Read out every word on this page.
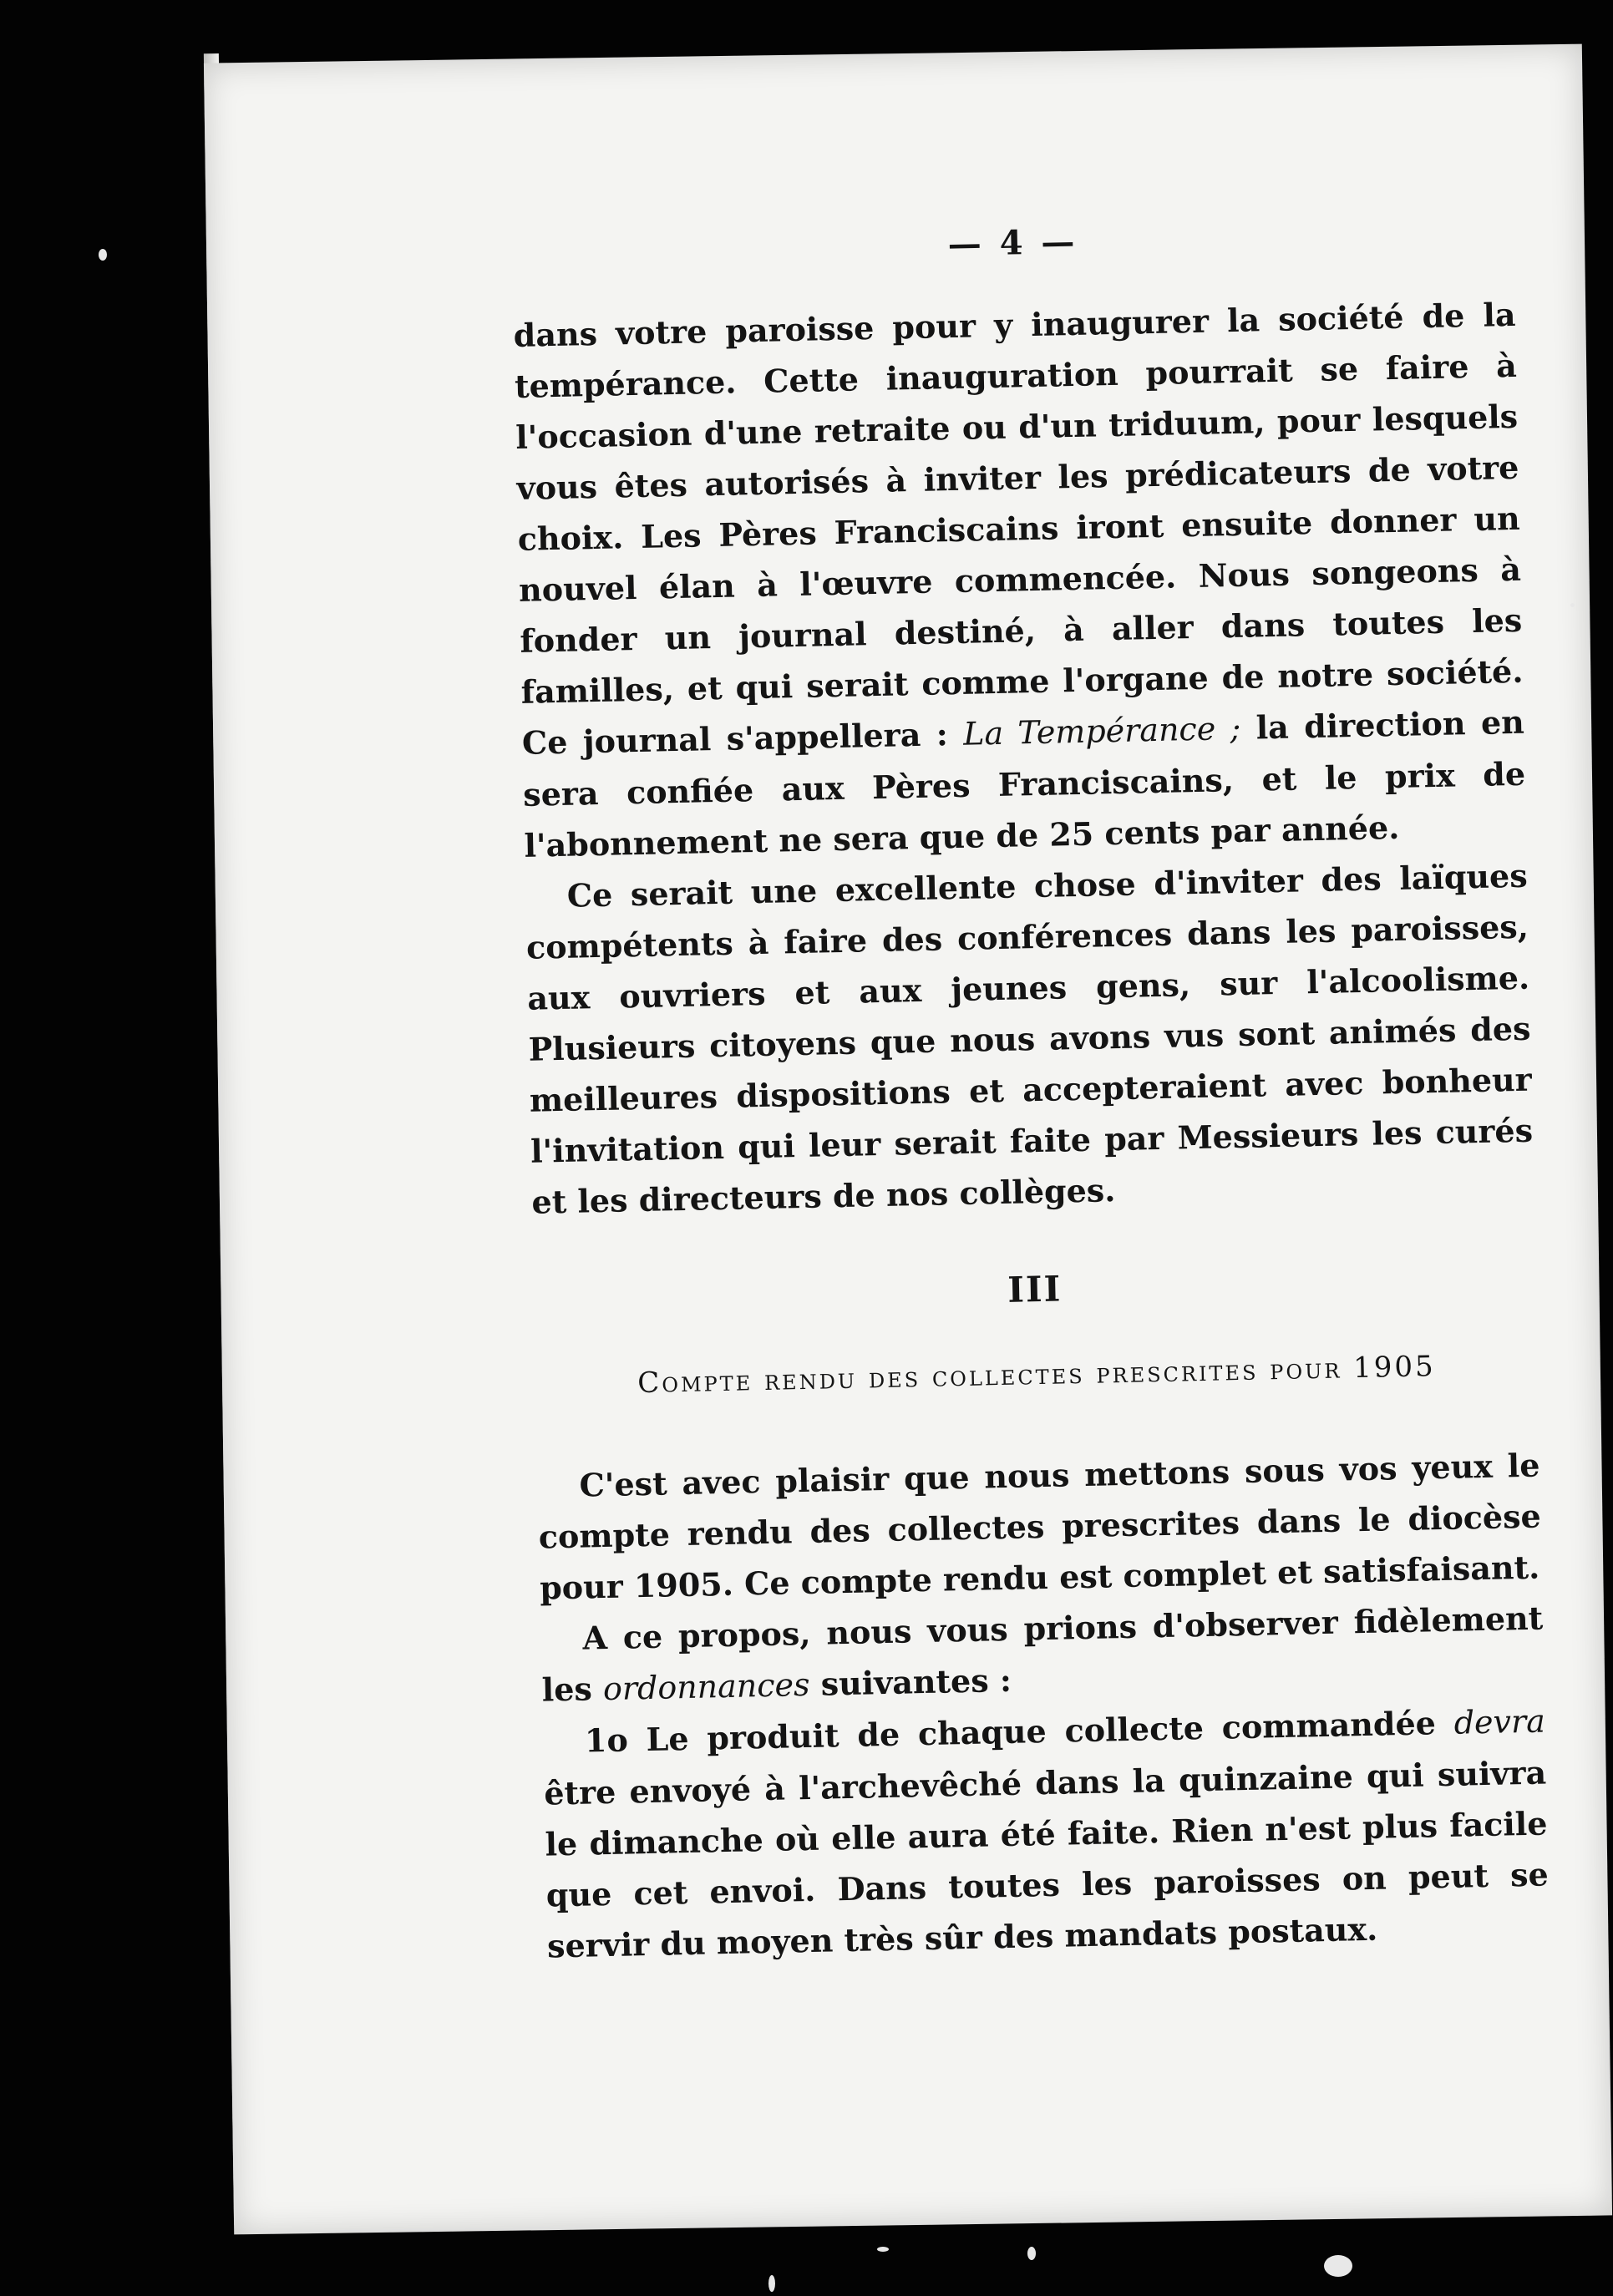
— 4 —

dans votre paroisse pour y inaugurer la société de la tempérance. Cette inauguration pourrait se faire à l'occasion d'une retraite ou d'un triduum, pour lesquels vous êtes autorisés à inviter les prédicateurs de votre choix. Les Pères Franciscains iront ensuite donner un nouvel élan à l'œuvre commencée. Nous songeons à fonder un journal destiné, à aller dans toutes les familles, et qui serait comme l'organe de notre société. Ce journal s'appellera : La Tempérance ; la direction en sera confiée aux Pères Franciscains, et le prix de l'abonnement ne sera que de 25 cents par année.

Ce serait une excellente chose d'inviter des laïques compétents à faire des conférences dans les paroisses, aux ouvriers et aux jeunes gens, sur l'alcoolisme. Plusieurs citoyens que nous avons vus sont animés des meilleures dispositions et accepteraient avec bonheur l'invitation qui leur serait faite par Messieurs les curés et les directeurs de nos collèges.

III
Compte rendu des collectes prescrites pour 1905

C'est avec plaisir que nous mettons sous vos yeux le compte rendu des collectes prescrites dans le diocèse pour 1905. Ce compte rendu est complet et satisfaisant.

A ce propos, nous vous prions d'observer fidèlement les ordonnances suivantes :

1o Le produit de chaque collecte commandée devra être envoyé à l'archevêché dans la quinzaine qui suivra le dimanche où elle aura été faite. Rien n'est plus facile que cet envoi. Dans toutes les paroisses on peut se servir du moyen très sûr des mandats postaux.
